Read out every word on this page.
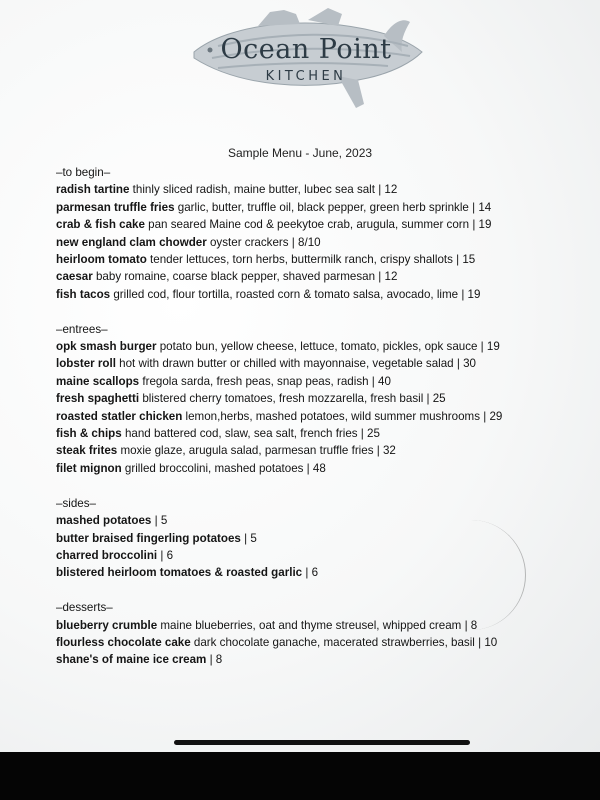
Ocean Point
KITCHEN
Sample Menu - June, 2023
–to begin–
radish tartine thinly sliced radish, maine butter, lubec sea salt | 12
parmesan truffle fries garlic, butter, truffle oil, black pepper, green herb sprinkle | 14
crab & fish cake pan seared Maine cod & peekytoe crab, arugula, summer corn | 19
new england clam chowder oyster crackers | 8/10
heirloom tomato tender lettuces, torn herbs, buttermilk ranch, crispy shallots | 15
caesar baby romaine, coarse black pepper, shaved parmesan | 12
fish tacos grilled cod, flour tortilla, roasted corn & tomato salsa, avocado, lime | 19
–entrees–
opk smash burger potato bun, yellow cheese, lettuce, tomato, pickles, opk sauce | 19
lobster roll hot with drawn butter or chilled with mayonnaise, vegetable salad | 30
maine scallops fregola sarda, fresh peas, snap peas, radish | 40
fresh spaghetti blistered cherry tomatoes, fresh mozzarella, fresh basil | 25
roasted statler chicken lemon,herbs, mashed potatoes, wild summer mushrooms | 29
fish & chips hand battered cod, slaw, sea salt, french fries | 25
steak frites moxie glaze, arugula salad, parmesan truffle fries | 32
filet mignon grilled broccolini, mashed potatoes | 48
–sides–
mashed potatoes | 5
butter braised fingerling potatoes | 5
charred broccolini | 6
blistered heirloom tomatoes & roasted garlic | 6
–desserts–
blueberry crumble maine blueberries, oat and thyme streusel, whipped cream | 8
flourless chocolate cake dark chocolate ganache, macerated strawberries, basil | 10
shane's of maine ice cream | 8
